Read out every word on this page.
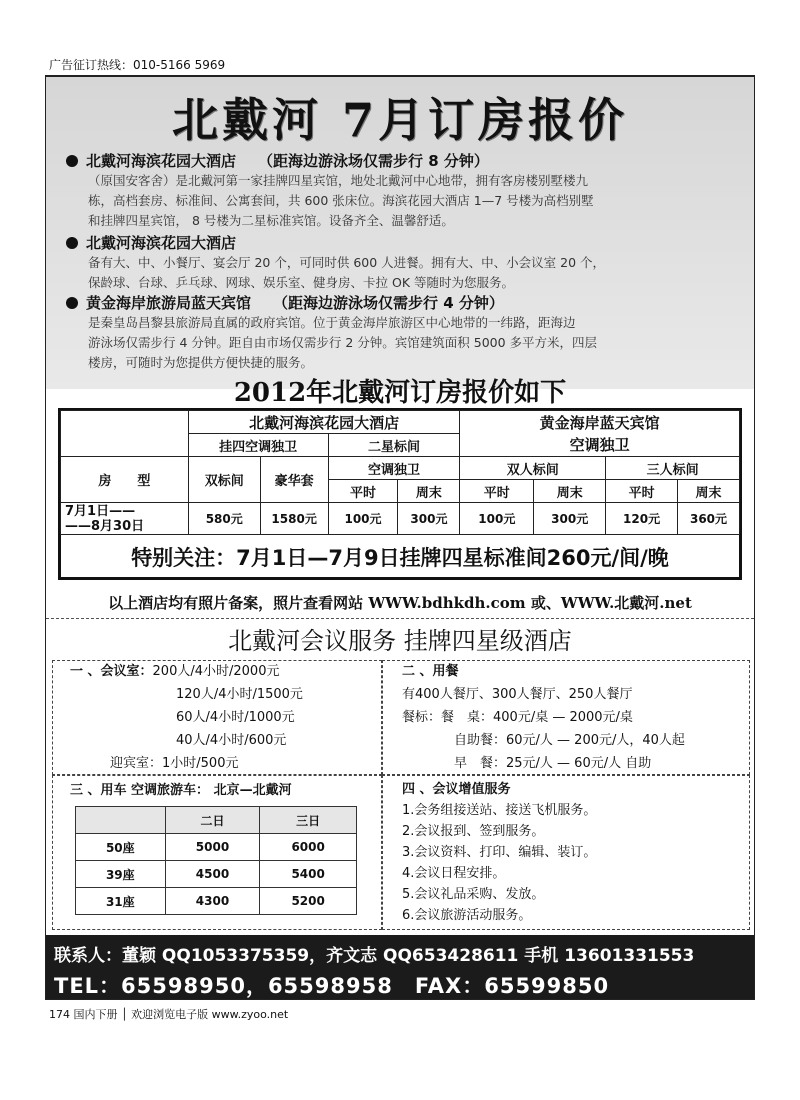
广告征订热线：010-5166 5969
北戴河 7月订房报价
北戴河海滨花园大酒店 （距海边游泳场仅需步行 8 分钟）
（原国安客舍）是北戴河第一家挂牌四星宾馆，地处北戴河中心地带，拥有客房楼别墅楼九
栋，高档套房、标准间、公寓套间，共 600 张床位。海滨花园大酒店 1—7 号楼为高档别墅
和挂牌四星宾馆， 8 号楼为二星标准宾馆。设备齐全、温馨舒适。
北戴河海滨花园大酒店
备有大、中、小餐厅、宴会厅 20 个，可同时供 600 人进餐。拥有大、中、小会议室 20 个，
保龄球、台球、乒乓球、网球、娱乐室、健身房、卡拉 OK 等随时为您服务。
黄金海岸旅游局蓝天宾馆 （距海边游泳场仅需步行 4 分钟）
是秦皇岛昌黎县旅游局直属的政府宾馆。位于黄金海岸旅游区中心地带的一纬路，距海边
游泳场仅需步行 4 分钟。距自由市场仅需步行 2 分钟。宾馆建筑面积 5000 多平方米，四层
楼房，可随时为您提供方便快捷的服务。
2012年北戴河订房报价如下
	北戴河海滨花园大酒店				黄金海岸蓝天宾馆
空调独卫			

	挂四空调独卫		二星标间					
房　　型	双标间	豪华套	空调独卫		双人标间		三人标间	
			平时	周末	平时	周末	平时	周末

7月1日——
——8月30日	580元	1580元	100元	300元	100元	300元	120元	360元
特别关注：7月1日—7月9日挂牌四星标准间260元/间/晚
以上酒店均有照片备案，照片查看网站 WWW.bdhkdh.com 或、WWW.北戴河.net
北戴河会议服务 挂牌四星级酒店
一 、会议室：200人/4小时/2000元
120人/4小时/1500元
60人/4小时/1000元
40人/4小时/600元
迎宾室：1小时/500元
二 、用餐
有400人餐厅、300人餐厅、250人餐厅
餐标：餐　桌：400元/桌 — 2000元/桌
自助餐：60元/人 — 200元/人，40人起
早　餐：25元/人 — 60元/人 自助
三 、用车 空调旅游车： 北京—北戴河
	二日	三日
50座	5000	6000
39座	4500	5400
31座	4300	5200
四 、会议增值服务
1.会务组接送站、接送飞机服务。
2.会议报到、签到服务。
3.会议资料、打印、编辑、装订。
4.会议日程安排。
5.会议礼品采购、发放。
6.会议旅游活动服务。
联系人：董颖 QQ1053375359，齐文志 QQ653428611 手机 13601331553
TEL：65598950，65598958　FAX：65599850
174 国内下册 │ 欢迎浏览电子版 www.zyoo.net
